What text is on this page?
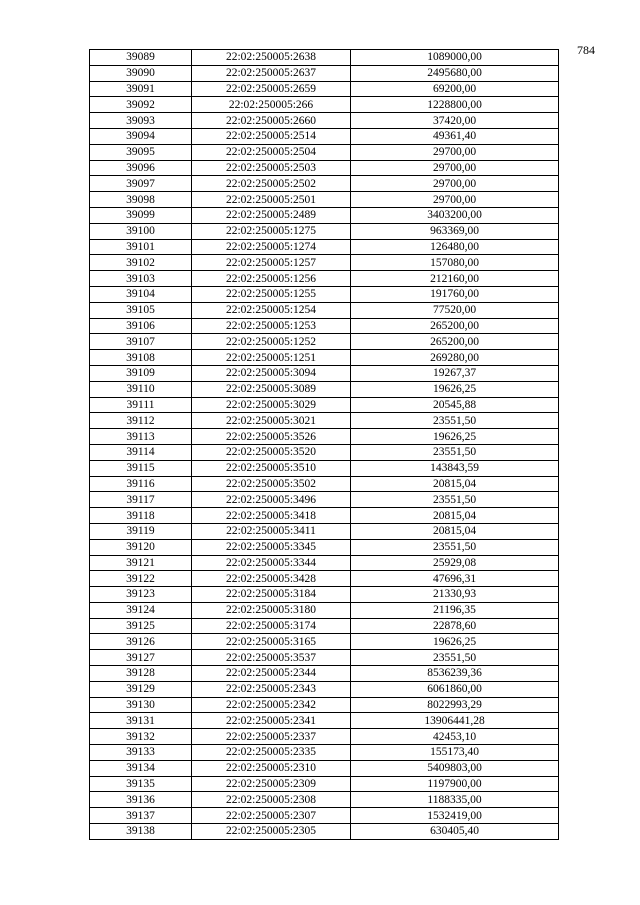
784
39089	22:02:250005:2638	1089000,00
39090	22:02:250005:2637	2495680,00
39091	22:02:250005:2659	69200,00
39092	22:02:250005:266	1228800,00
39093	22:02:250005:2660	37420,00
39094	22:02:250005:2514	49361,40
39095	22:02:250005:2504	29700,00
39096	22:02:250005:2503	29700,00
39097	22:02:250005:2502	29700,00
39098	22:02:250005:2501	29700,00
39099	22:02:250005:2489	3403200,00
39100	22:02:250005:1275	963369,00
39101	22:02:250005:1274	126480,00
39102	22:02:250005:1257	157080,00
39103	22:02:250005:1256	212160,00
39104	22:02:250005:1255	191760,00
39105	22:02:250005:1254	77520,00
39106	22:02:250005:1253	265200,00
39107	22:02:250005:1252	265200,00
39108	22:02:250005:1251	269280,00
39109	22:02:250005:3094	19267,37
39110	22:02:250005:3089	19626,25
39111	22:02:250005:3029	20545,88
39112	22:02:250005:3021	23551,50
39113	22:02:250005:3526	19626,25
39114	22:02:250005:3520	23551,50
39115	22:02:250005:3510	143843,59
39116	22:02:250005:3502	20815,04
39117	22:02:250005:3496	23551,50
39118	22:02:250005:3418	20815,04
39119	22:02:250005:3411	20815,04
39120	22:02:250005:3345	23551,50
39121	22:02:250005:3344	25929,08
39122	22:02:250005:3428	47696,31
39123	22:02:250005:3184	21330,93
39124	22:02:250005:3180	21196,35
39125	22:02:250005:3174	22878,60
39126	22:02:250005:3165	19626,25
39127	22:02:250005:3537	23551,50
39128	22:02:250005:2344	8536239,36
39129	22:02:250005:2343	6061860,00
39130	22:02:250005:2342	8022993,29
39131	22:02:250005:2341	13906441,28
39132	22:02:250005:2337	42453,10
39133	22:02:250005:2335	155173,40
39134	22:02:250005:2310	5409803,00
39135	22:02:250005:2309	1197900,00
39136	22:02:250005:2308	1188335,00
39137	22:02:250005:2307	1532419,00
39138	22:02:250005:2305	630405,40
